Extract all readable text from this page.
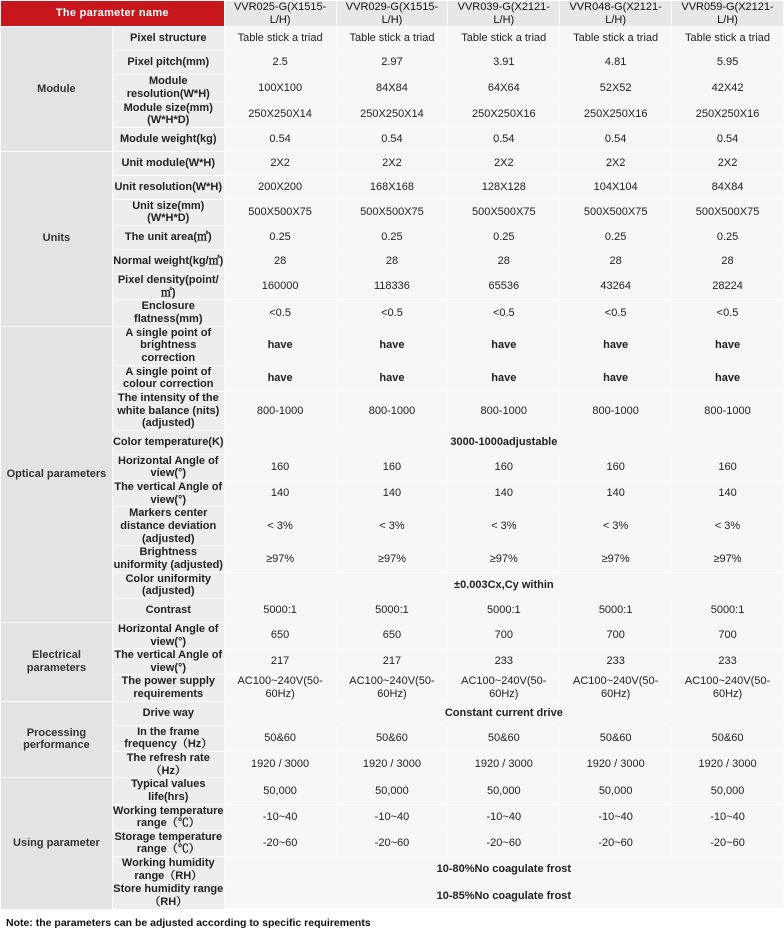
The parameter name		VVR025-G(X1515-L/H)	VVR029-G(X1515-L/H)	VVR039-G(X2121-L/H)	VVR048-G(X2121-L/H)	VVR059-G(X2121-L/H)
Module	Pixel structure	Table stick a triad	Table stick a triad	Table stick a triad	Table stick a triad	Table stick a triad
	Pixel pitch(mm)	2.5	2.97	3.91	4.81	5.95
	Module resolution(W*H)	100X100	84X84	64X64	52X52	42X42
	Module size(mm)(W*H*D)	250X250X14	250X250X14	250X250X16	250X250X16	250X250X16
	Module weight(kg)	0.54	0.54	0.54	0.54	0.54
Units	Unit module(W*H)	2X2	2X2	2X2	2X2	2X2
	Unit resolution(W*H)	200X200	168X168	128X128	104X104	84X84
	Unit size(mm)(W*H*D)	500X500X75	500X500X75	500X500X75	500X500X75	500X500X75
	The unit area(㎡)	0.25	0.25	0.25	0.25	0.25
	Normal weight(kg/㎡)	28	28	28	28	28
	Pixel density(point/㎡)	160000	118336	65536	43264	28224
	Enclosure flatness(mm)	<0.5	<0.5	<0.5	<0.5	<0.5
Optical parameters	A single point of brightness correction	have	have	have	have	have
	A single point of colour correction	have	have	have	have	have
	The intensity of the white balance (nits) (adjusted)	800-1000	800-1000	800-1000	800-1000	800-1000
	Color temperature(K)	3000-1000adjustable				
	Horizontal Angle of view(°)	160	160	160	160	160
	The vertical Angle of view(°)	140	140	140	140	140
	Markers center distance deviation (adjusted)	< 3%	< 3%	< 3%	< 3%	< 3%
	Brightness uniformity (adjusted)	≥97%	≥97%	≥97%	≥97%	≥97%
	Color uniformity (adjusted)	±0.003Cx,Cy within				
	Contrast	5000:1	5000:1	5000:1	5000:1	5000:1
Electrical parameters	Horizontal Angle of view(°)	650	650	700	700	700
	The vertical Angle of view(°)	217	217	233	233	233
	The power supply requirements	AC100~240V(50-60Hz)	AC100~240V(50-60Hz)	AC100~240V(50-60Hz)	AC100~240V(50-60Hz)	AC100~240V(50-60Hz)
Processing performance	Drive way	Constant current drive				
	In the frame frequency（Hz）	50&60	50&60	50&60	50&60	50&60
	The refresh rate（Hz）	1920 / 3000	1920 / 3000	1920 / 3000	1920 / 3000	1920 / 3000
Using parameter	Typical values life(hrs)	50,000	50,000	50,000	50,000	50,000
	Working temperature range（℃）	-10~40	-10~40	-10~40	-10~40	-10~40
	Storage temperature range（℃）	-20~60	-20~60	-20~60	-20~60	-20~60
	Working humidity range（RH）	10-80%No coagulate frost				
	Store humidity range（RH）	10-85%No coagulate frost				
Note: the parameters can be adjusted according to specific requirements
